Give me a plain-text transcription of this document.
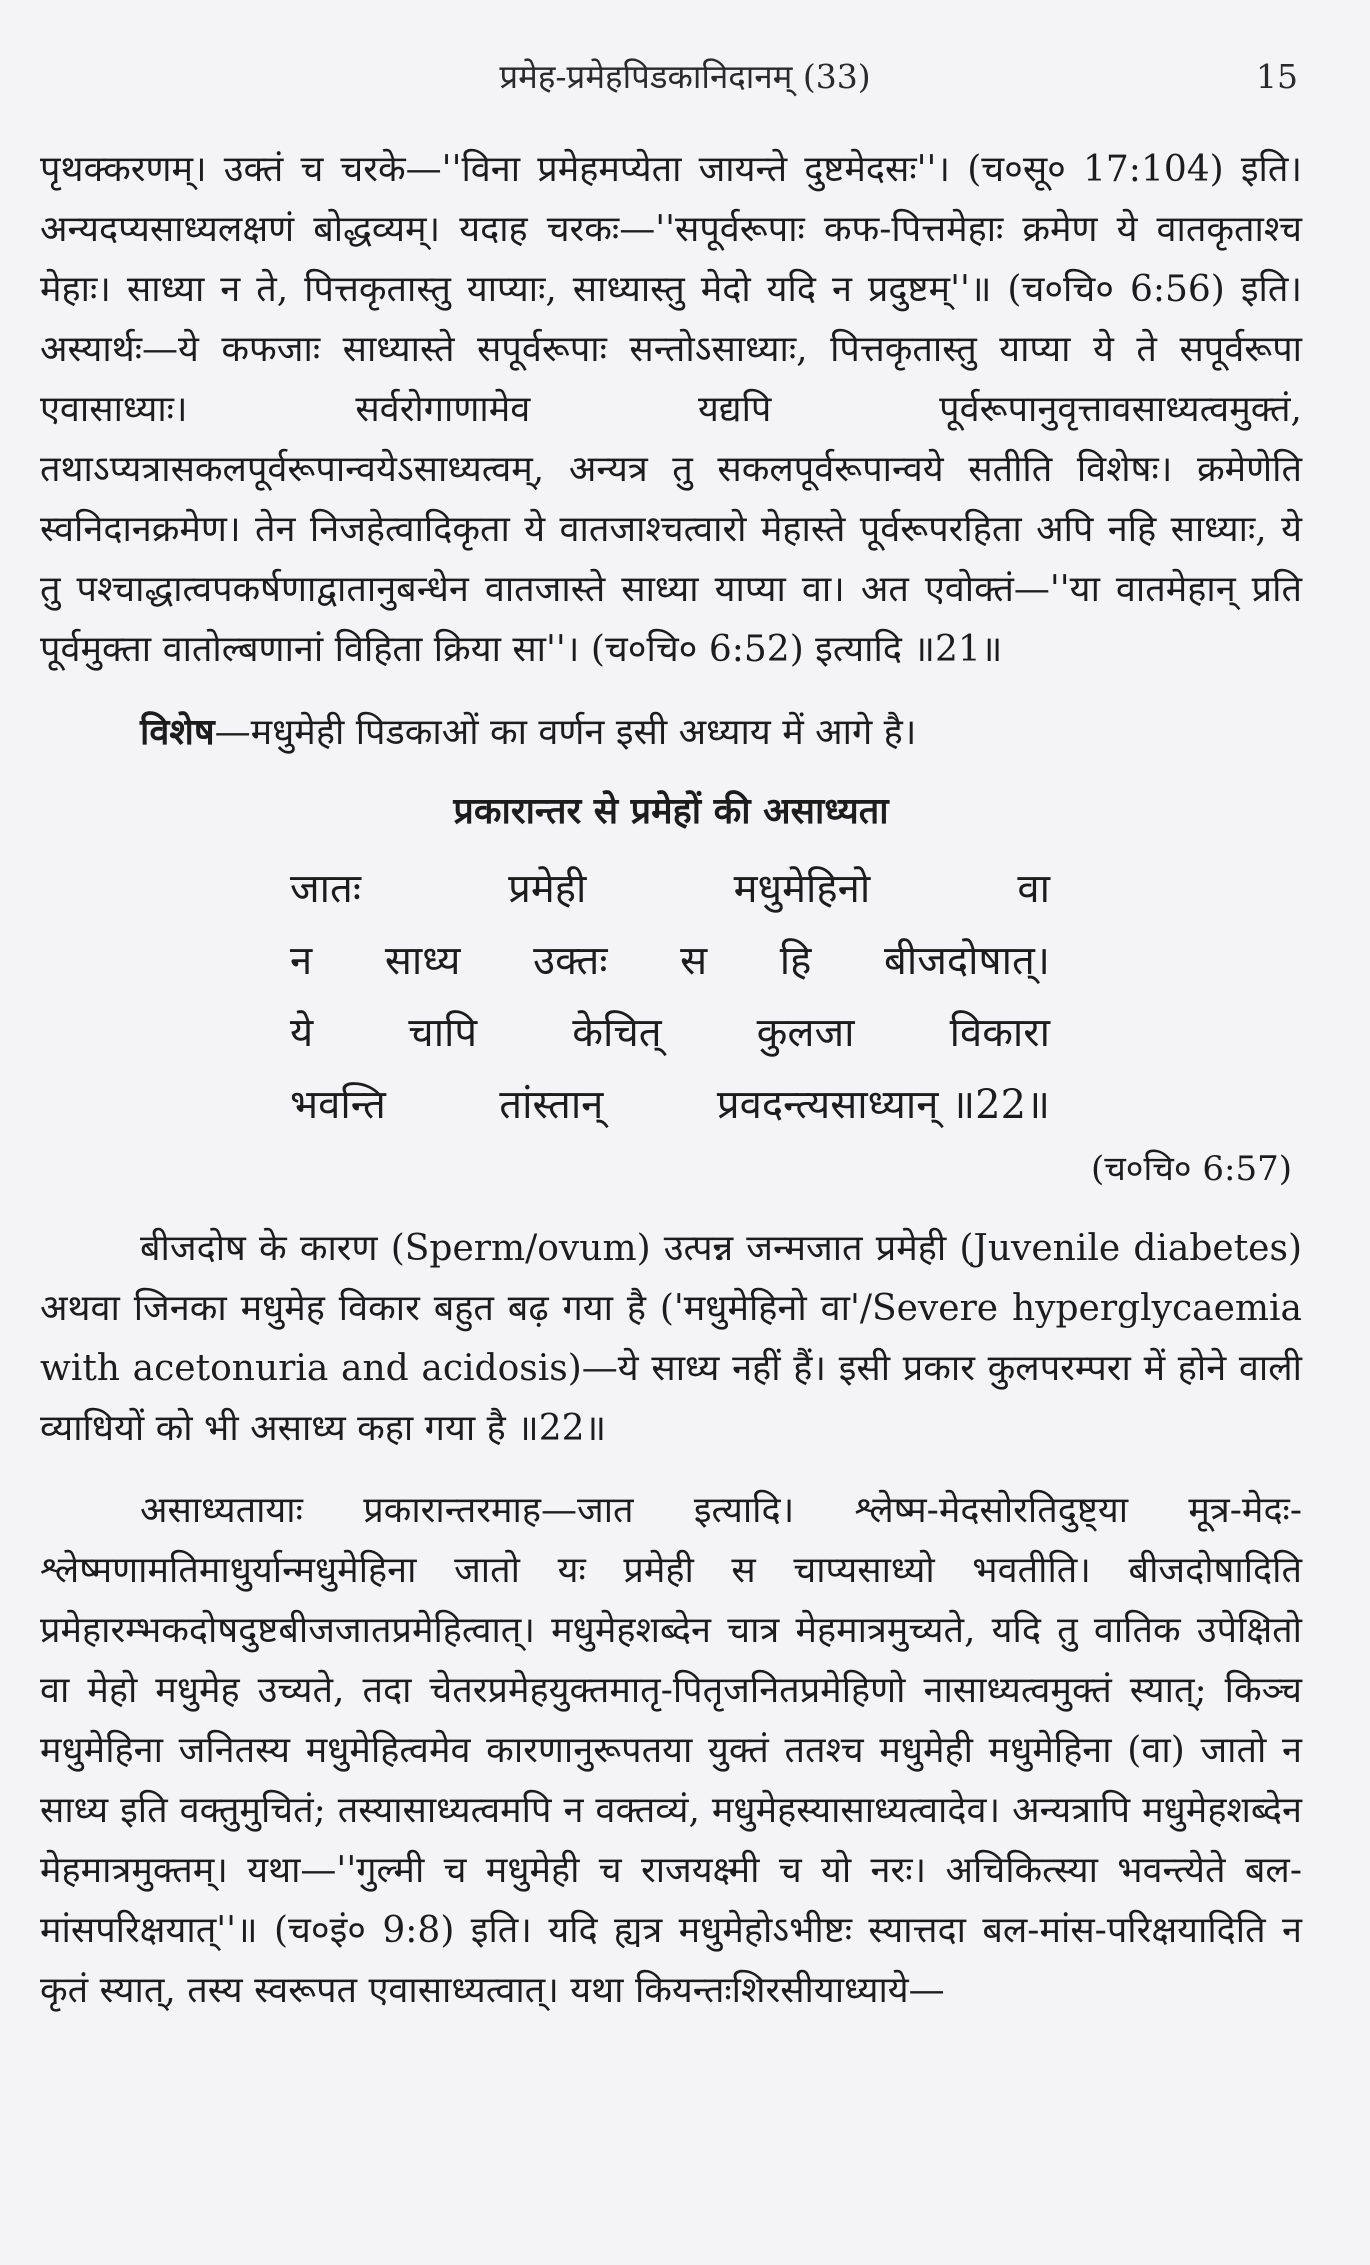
प्रमेह-प्रमेहपिडकानिदानम् (33)	15

पृथक्करणम्। उक्तं च चरके—''विना प्रमेहमप्येता जायन्ते दुष्टमेदसः''। (च०सू० 17:104) इति। अन्यदप्यसाध्यलक्षणं बोद्धव्यम्। यदाह चरकः—''सपूर्वरूपाः कफ-पित्तमेहाः क्रमेण ये वातकृताश्च मेहाः। साध्या न ते, पित्तकृतास्तु याप्याः, साध्यास्तु मेदो यदि न प्रदुष्टम्''॥ (च०चि० 6:56) इति। अस्यार्थः—ये कफजाः साध्यास्ते सपूर्वरूपाः सन्तोऽसाध्याः, पित्तकृतास्तु याप्या ये ते सपूर्वरूपा एवासाध्याः। सर्वरोगाणामेव यद्यपि पूर्वरूपानुवृत्तावसाध्यत्वमुक्तं, तथाऽप्यत्रासकलपूर्वरूपान्वयेऽसाध्यत्वम्, अन्यत्र तु सकलपूर्वरूपान्वये सतीति विशेषः। क्रमेणेति स्वनिदानक्रमेण। तेन निजहेत्वादिकृता ये वातजाश्चत्वारो मेहास्ते पूर्वरूपरहिता अपि नहि साध्याः, ये तु पश्चाद्धात्वपकर्षणाद्वातानुबन्धेन वातजास्ते साध्या याप्या वा। अत एवोक्तं—''या वातमेहान् प्रति पूर्वमुक्ता वातोल्बणानां विहिता क्रिया सा''। (च०चि० 6:52) इत्यादि ॥21॥

विशेष—मधुमेही पिडकाओं का वर्णन इसी अध्याय में आगे है।

प्रकारान्तर से प्रमेहों की असाध्यता
जातः	प्रमेही	मधुमेहिनो	वा
न साध्य उक्तः स हि बीजदोषात्।
ये चापि केचित् कुलजा विकारा
भवन्ति	तांस्तान्	प्रवदन्त्यसाध्यान् ॥22॥
(च०चि० 6:57)

बीजदोष के कारण (Sperm/ovum) उत्पन्न जन्मजात प्रमेही (Juvenile diabetes) अथवा जिनका मधुमेह विकार बहुत बढ़ गया है ('मधुमेहिनो वा'/Severe hyperglycaemia with acetonuria and acidosis)—ये साध्य नहीं हैं। इसी प्रकार कुलपरम्परा में होने वाली व्याधियों को भी असाध्य कहा गया है ॥22॥

असाध्यतायाः प्रकारान्तरमाह—जात इत्यादि। श्लेष्म-मेदसोरतिदुष्ट्या मूत्र-मेदः-श्लेष्मणामतिमाधुर्यान्मधुमेहिना जातो यः प्रमेही स चाप्यसाध्यो भवतीति। बीजदोषादिति प्रमेहारम्भकदोषदुष्टबीजजातप्रमेहित्वात्। मधुमेहशब्देन चात्र मेहमात्रमुच्यते, यदि तु वातिक उपेक्षितो वा मेहो मधुमेह उच्यते, तदा चेतरप्रमेहयुक्तमातृ-पितृजनितप्रमेहिणो नासाध्यत्वमुक्तं स्यात्; किञ्च मधुमेहिना जनितस्य मधुमेहित्वमेव कारणानुरूपतया युक्तं ततश्च मधुमेही मधुमेहिना (वा) जातो न साध्य इति वक्तुमुचितं; तस्यासाध्यत्वमपि न वक्तव्यं, मधुमेहस्यासाध्यत्वादेव। अन्यत्रापि मधुमेहशब्देन मेहमात्रमुक्तम्। यथा—''गुल्मी च मधुमेही च राजयक्ष्मी च यो नरः। अचिकित्स्या भवन्त्येते बल-मांसपरिक्षयात्''॥ (च०इं० 9:8) इति। यदि ह्यत्र मधुमेहोऽभीष्टः स्यात्तदा बल-मांस-परिक्षयादिति न कृतं स्यात्, तस्य स्वरूपत एवासाध्यत्वात्। यथा कियन्तःशिरसीयाध्याये—
